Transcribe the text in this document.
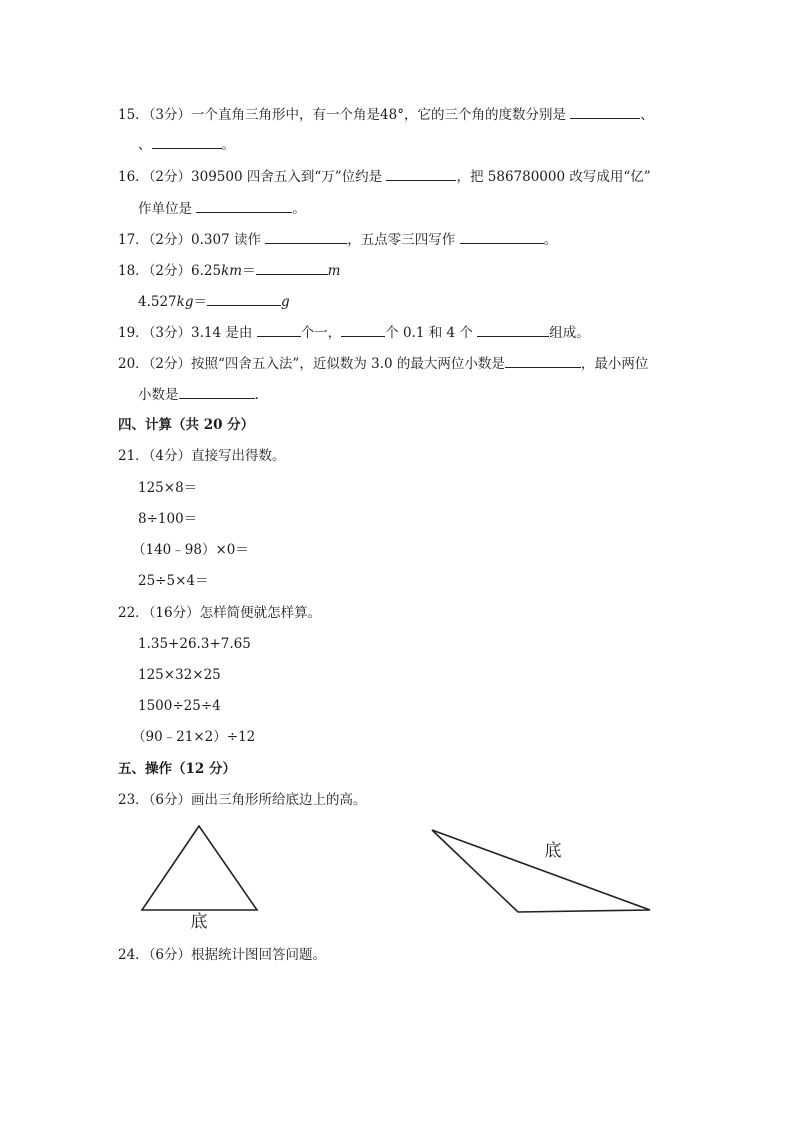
15．（3分）一个直角三角形中，有一个角是48°，它的三个角的度数分别是	、
、	。
16．（2分）309500 四舍五入到“万”位约是	，把 586780000 改写成用“亿”
作单位是	。
17．（2分）0.307 读作	，五点零三四写作	。
18．（2分）6.25km＝	m
4.527kg＝	g
19．（3分）3.14 是由	个一，	个 0.1 和 4 个	组成。
20．（2分）按照“四舍五入法”，近似数为 3.0 的最大两位小数是	，最小两位
小数是	.
四、计算（共 20 分）
21．（4分）直接写出得数。
125×8＝
8÷100＝
（140﹣98）×0＝
25÷5×4＝
22．（16分）怎样简便就怎样算。
1.35+26.3+7.65
125×32×25
1500÷25÷4
（90﹣21×2）÷12
五、操作（12 分）
23．（6分）画出三角形所给底边上的高。
底
底
24．（6分）根据统计图回答问题。
